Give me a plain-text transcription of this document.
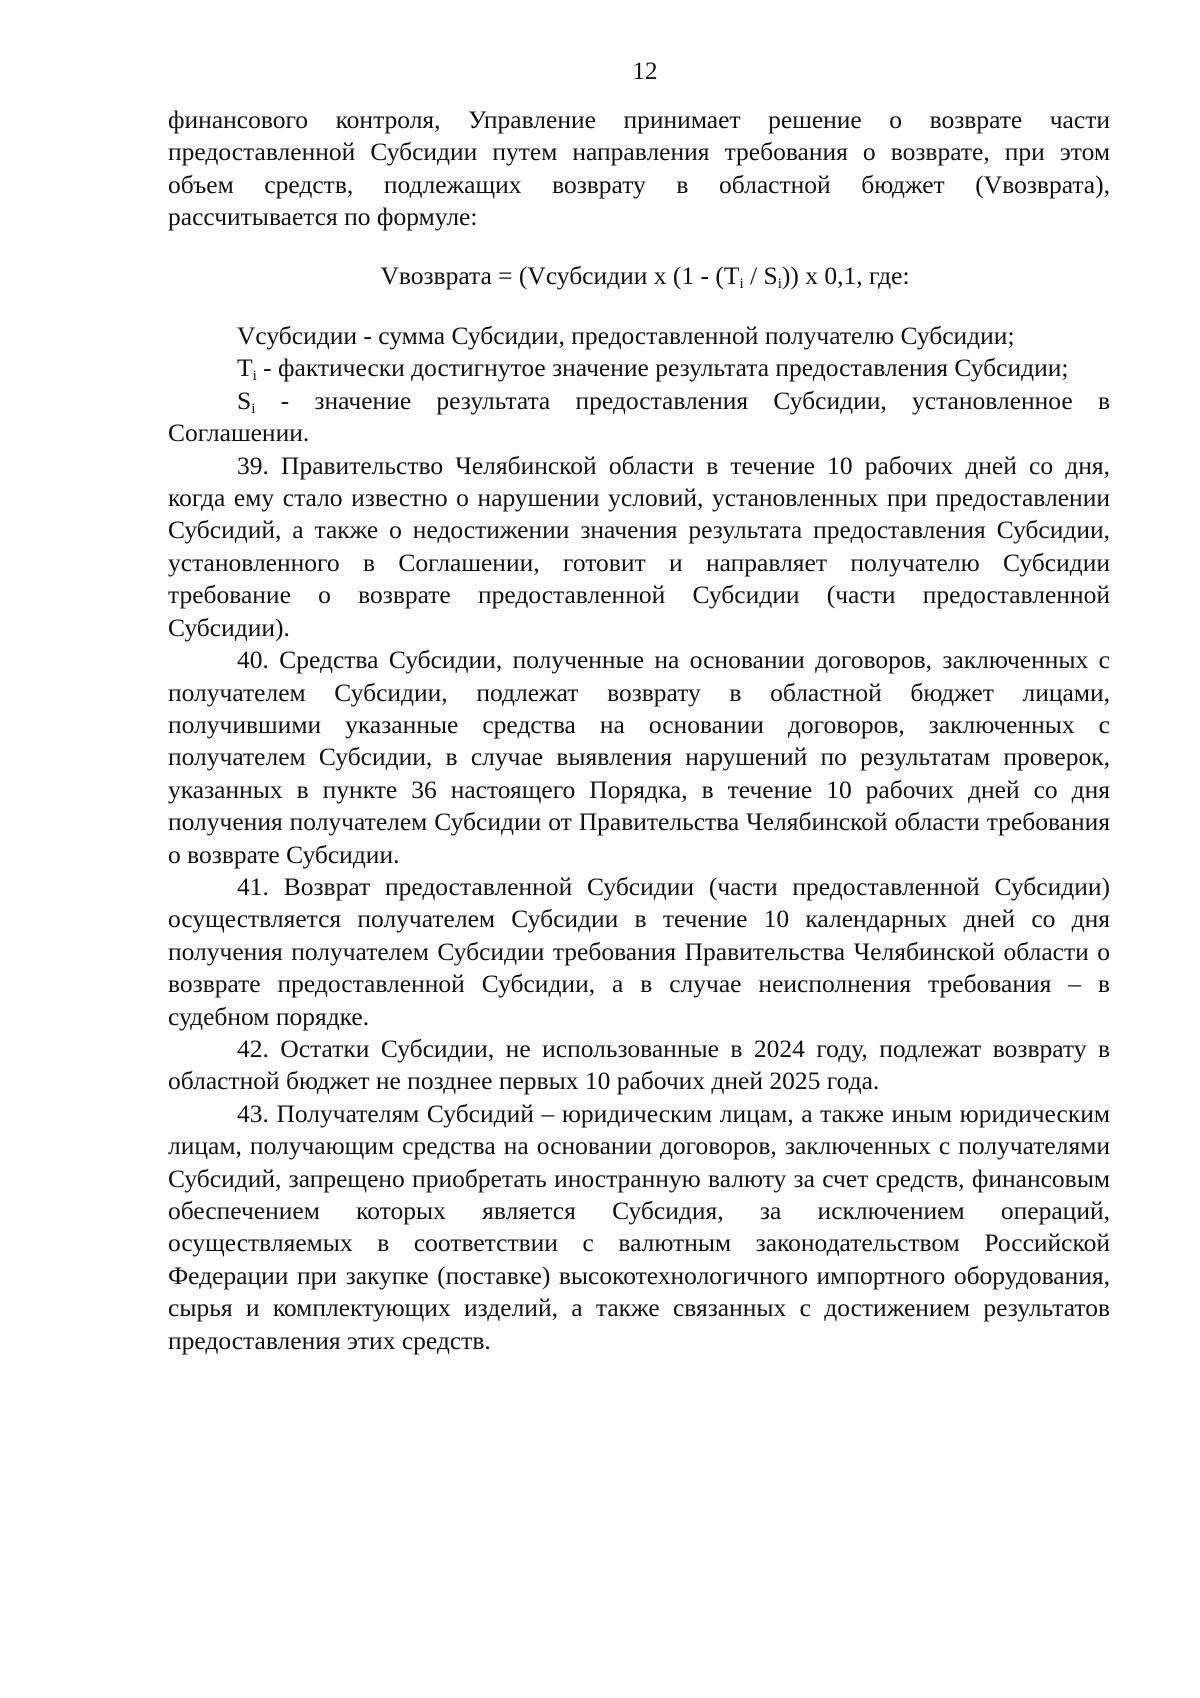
12

финансового контроля, Управление принимает решение о возврате части предоставленной Субсидии путем направления требования о возврате, при этом объем средств, подлежащих возврату в областной бюджет (Vвозврата), рассчитывается по формуле:

Vвозврата = (Vсубсидии x $(1 - (T_i / S_i))$ x 0,1, где:

Vсубсидии - сумма Субсидии, предоставленной получателю Субсидии;

$T_i$ - фактически достигнутое значение результата предоставления Субсидии;

$S_i$ - значение результата предоставления Субсидии, установленное в Соглашении.

39. Правительство Челябинской области в течение 10 рабочих дней со дня, когда ему стало известно о нарушении условий, установленных при предоставлении Субсидий, а также о недостижении значения результата предоставления Субсидии, установленного в Соглашении, готовит и направляет получателю Субсидии требование о возврате предоставленной Субсидии (части предоставленной Субсидии).

40. Средства Субсидии, полученные на основании договоров, заключенных с получателем Субсидии, подлежат возврату в областной бюджет лицами, получившими указанные средства на основании договоров, заключенных с получателем Субсидии, в случае выявления нарушений по результатам проверок, указанных в пункте 36 настоящего Порядка, в течение 10 рабочих дней со дня получения получателем Субсидии от Правительства Челябинской области требования о возврате Субсидии.

41. Возврат предоставленной Субсидии (части предоставленной Субсидии) осуществляется получателем Субсидии в течение 10 календарных дней со дня получения получателем Субсидии требования Правительства Челябинской области о возврате предоставленной Субсидии, а в случае неисполнения требования – в судебном порядке.

42. Остатки Субсидии, не использованные в 2024 году, подлежат возврату в областной бюджет не позднее первых 10 рабочих дней 2025 года.

43. Получателям Субсидий – юридическим лицам, а также иным юридическим лицам, получающим средства на основании договоров, заключенных с получателями Субсидий, запрещено приобретать иностранную валюту за счет средств, финансовым обеспечением которых является Субсидия, за исключением операций, осуществляемых в соответствии с валютным законодательством Российской Федерации при закупке (поставке) высокотехнологичного импортного оборудования, сырья и комплектующих изделий, а также связанных с достижением результатов предоставления этих средств.
